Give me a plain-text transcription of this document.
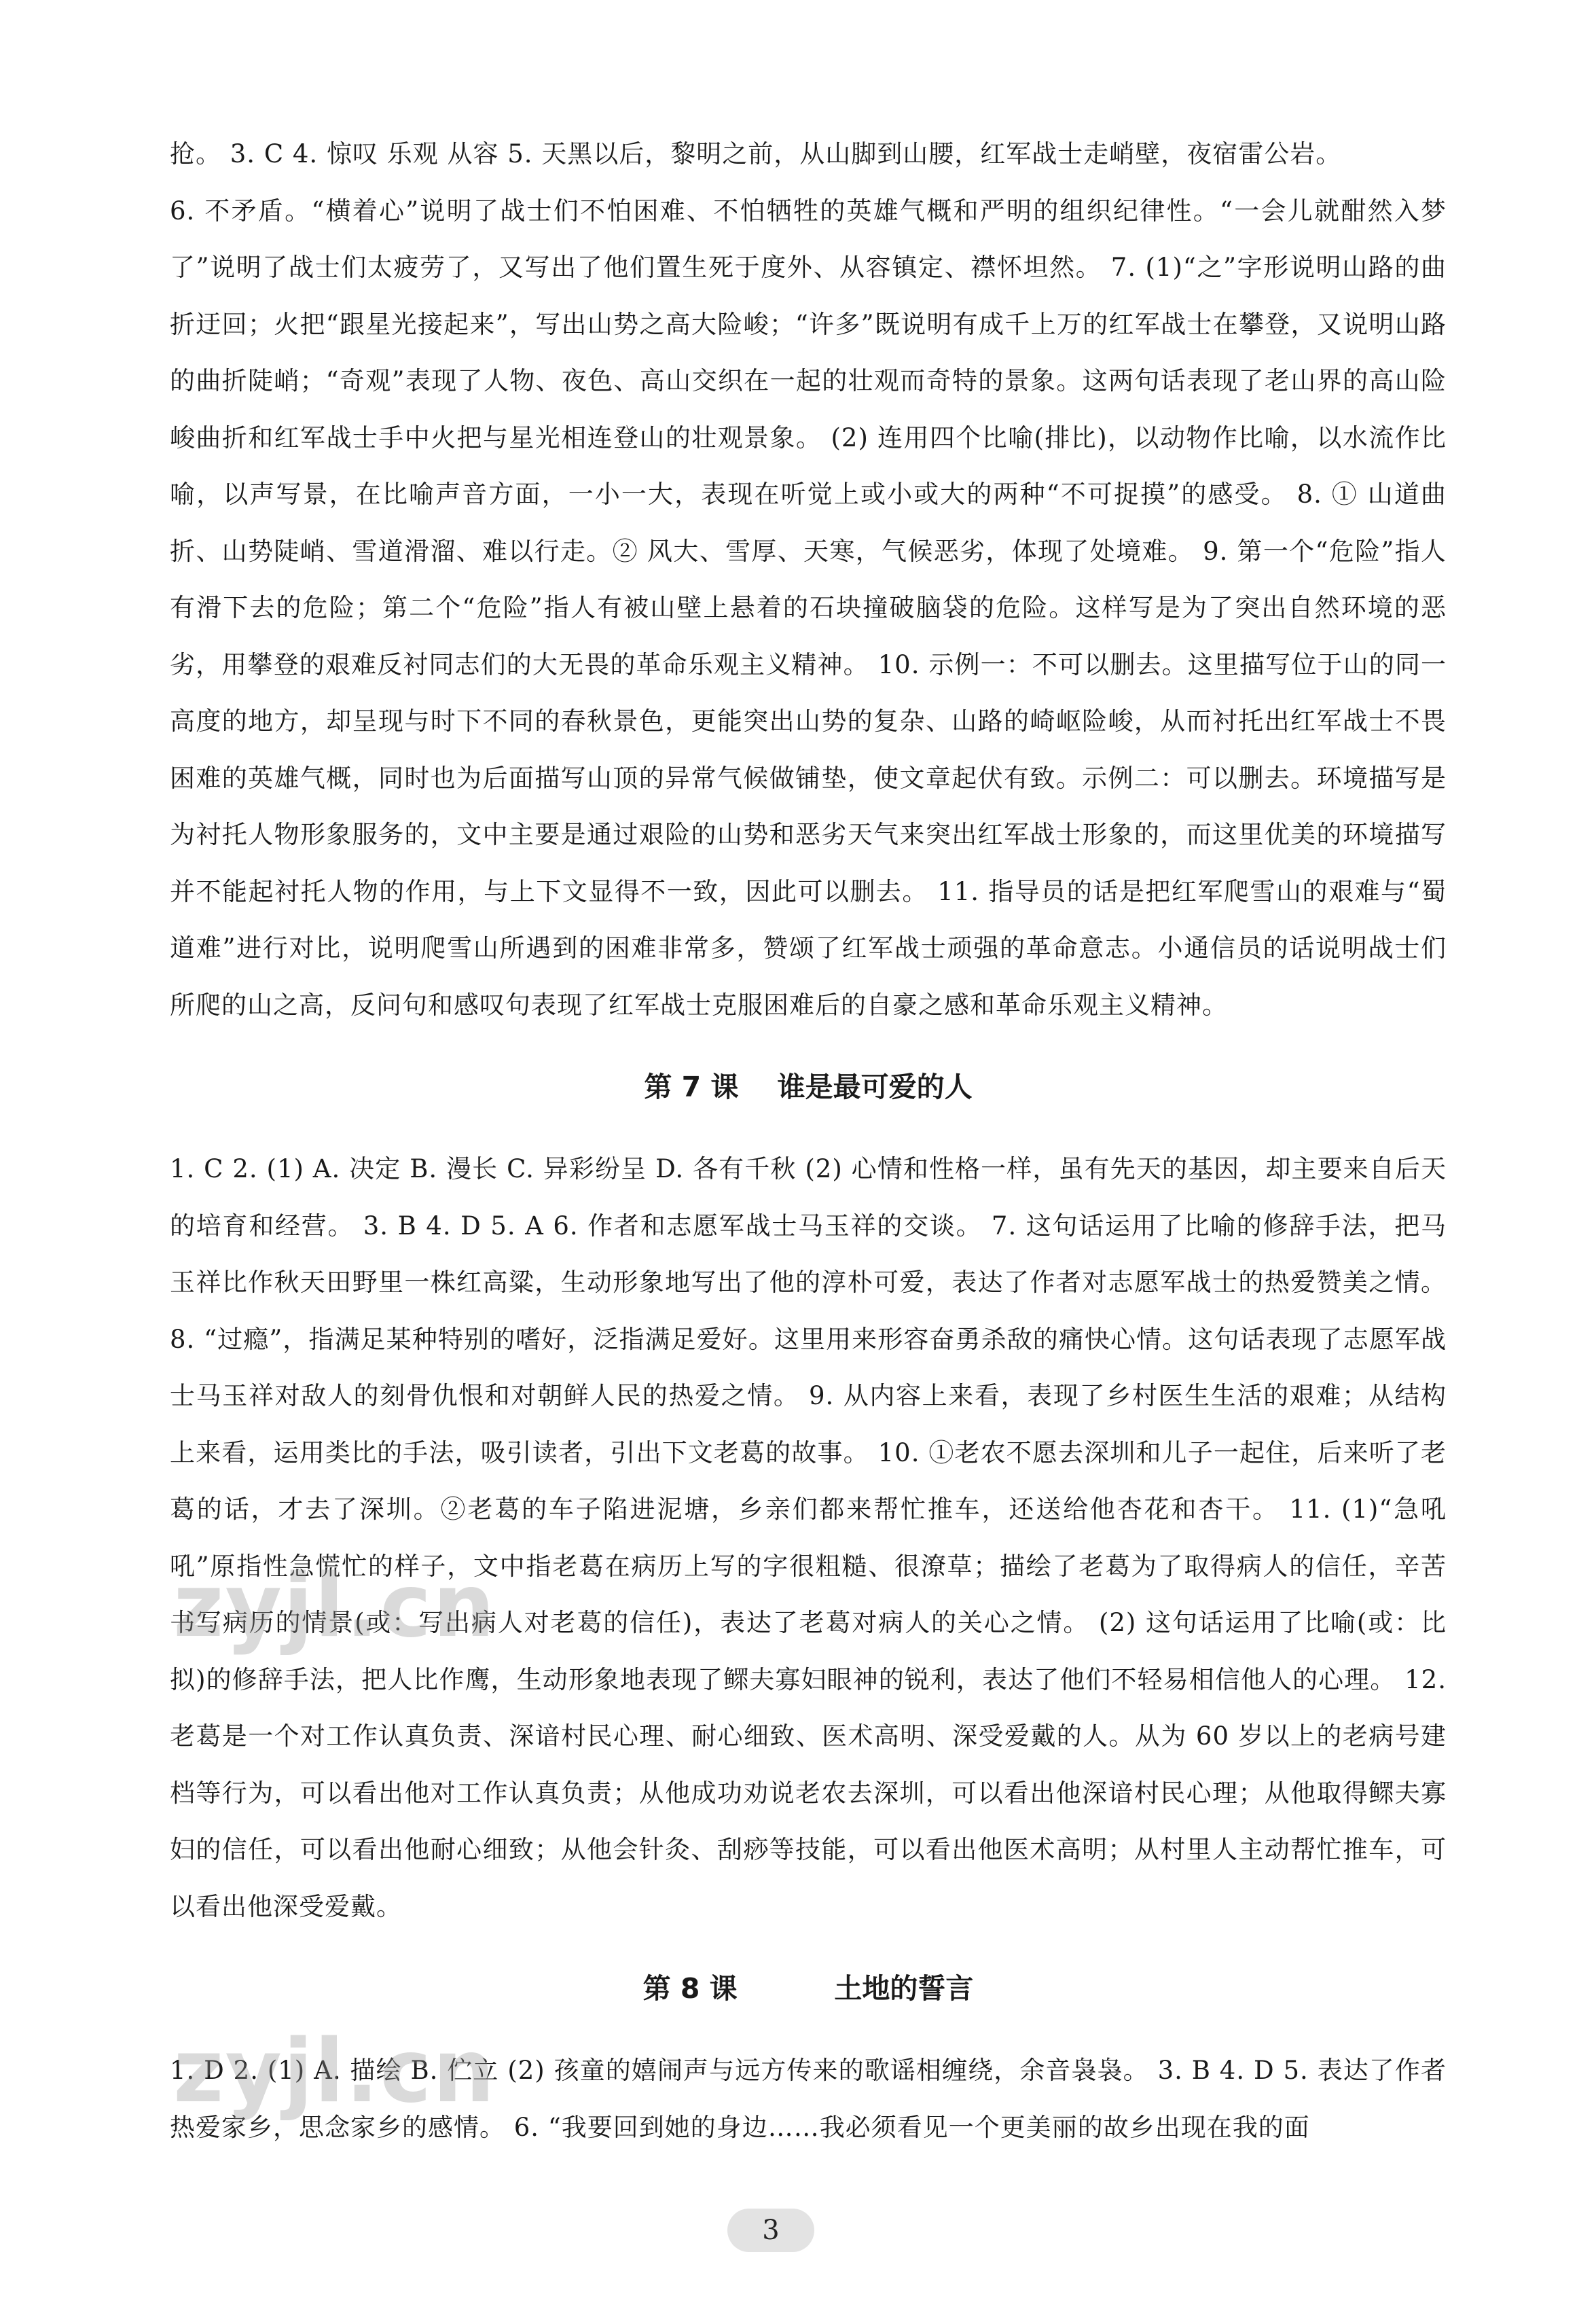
抢。 3. C 4. 惊叹 乐观 从容 5. 天黑以后，黎明之前，从山脚到山腰，红军战士走峭壁，夜宿雷公岩。

6. 不矛盾。“横着心”说明了战士们不怕困难、不怕牺牲的英雄气概和严明的组织纪律性。“一会儿就酣然入梦了”说明了战士们太疲劳了，又写出了他们置生死于度外、从容镇定、襟怀坦然。 7. (1)“之”字形说明山路的曲折迂回；火把“跟星光接起来”，写出山势之高大险峻；“许多”既说明有成千上万的红军战士在攀登，又说明山路的曲折陡峭；“奇观”表现了人物、夜色、高山交织在一起的壮观而奇特的景象。这两句话表现了老山界的高山险峻曲折和红军战士手中火把与星光相连登山的壮观景象。 (2) 连用四个比喻(排比)，以动物作比喻，以水流作比喻，以声写景，在比喻声音方面，一小一大，表现在听觉上或小或大的两种“不可捉摸”的感受。 8. ① 山道曲折、山势陡峭、雪道滑溜、难以行走。② 风大、雪厚、天寒，气候恶劣，体现了处境难。 9. 第一个“危险”指人有滑下去的危险；第二个“危险”指人有被山壁上悬着的石块撞破脑袋的危险。这样写是为了突出自然环境的恶劣，用攀登的艰难反衬同志们的大无畏的革命乐观主义精神。 10. 示例一：不可以删去。这里描写位于山的同一高度的地方，却呈现与时下不同的春秋景色，更能突出山势的复杂、山路的崎岖险峻，从而衬托出红军战士不畏困难的英雄气概，同时也为后面描写山顶的异常气候做铺垫，使文章起伏有致。示例二：可以删去。环境描写是为衬托人物形象服务的，文中主要是通过艰险的山势和恶劣天气来突出红军战士形象的，而这里优美的环境描写并不能起衬托人物的作用，与上下文显得不一致，因此可以删去。 11. 指导员的话是把红军爬雪山的艰难与“蜀道难”进行对比，说明爬雪山所遇到的困难非常多，赞颂了红军战士顽强的革命意志。小通信员的话说明战士们所爬的山之高，反问句和感叹句表现了红军战士克服困难后的自豪之感和革命乐观主义精神。

第 7 课    谁是最可爱的人

1. C 2. (1) A. 决定 B. 漫长 C. 异彩纷呈 D. 各有千秋 (2) 心情和性格一样，虽有先天的基因，却主要来自后天的培育和经营。 3. B 4. D 5. A 6. 作者和志愿军战士马玉祥的交谈。 7. 这句话运用了比喻的修辞手法，把马玉祥比作秋天田野里一株红高粱，生动形象地写出了他的淳朴可爱，表达了作者对志愿军战士的热爱赞美之情。 8. “过瘾”，指满足某种特别的嗜好，泛指满足爱好。这里用来形容奋勇杀敌的痛快心情。这句话表现了志愿军战士马玉祥对敌人的刻骨仇恨和对朝鲜人民的热爱之情。 9. 从内容上来看，表现了乡村医生生活的艰难；从结构上来看，运用类比的手法，吸引读者，引出下文老葛的故事。 10. ①老农不愿去深圳和儿子一起住，后来听了老葛的话，才去了深圳。②老葛的车子陷进泥塘，乡亲们都来帮忙推车，还送给他杏花和杏干。 11. (1)“急吼吼”原指性急慌忙的样子，文中指老葛在病历上写的字很粗糙、很潦草；描绘了老葛为了取得病人的信任，辛苦书写病历的情景(或：写出病人对老葛的信任)，表达了老葛对病人的关心之情。 (2) 这句话运用了比喻(或：比拟)的修辞手法，把人比作鹰，生动形象地表现了鳏夫寡妇眼神的锐利，表达了他们不轻易相信他人的心理。 12. 老葛是一个对工作认真负责、深谙村民心理、耐心细致、医术高明、深受爱戴的人。从为 60 岁以上的老病号建档等行为，可以看出他对工作认真负责；从他成功劝说老农去深圳，可以看出他深谙村民心理；从他取得鳏夫寡妇的信任，可以看出他耐心细致；从他会针灸、刮痧等技能，可以看出他医术高明；从村里人主动帮忙推车，可以看出他深受爱戴。

第 8 课          土地的誓言

1. D 2. (1) A. 描绘 B. 伫立 (2) 孩童的嬉闹声与远方传来的歌谣相缠绕，余音袅袅。 3. B 4. D 5. 表达了作者热爱家乡，思念家乡的感情。 6. “我要回到她的身边……我必须看见一个更美丽的故乡出现在我的面

zyjl.cn
zyjl.cn
3
